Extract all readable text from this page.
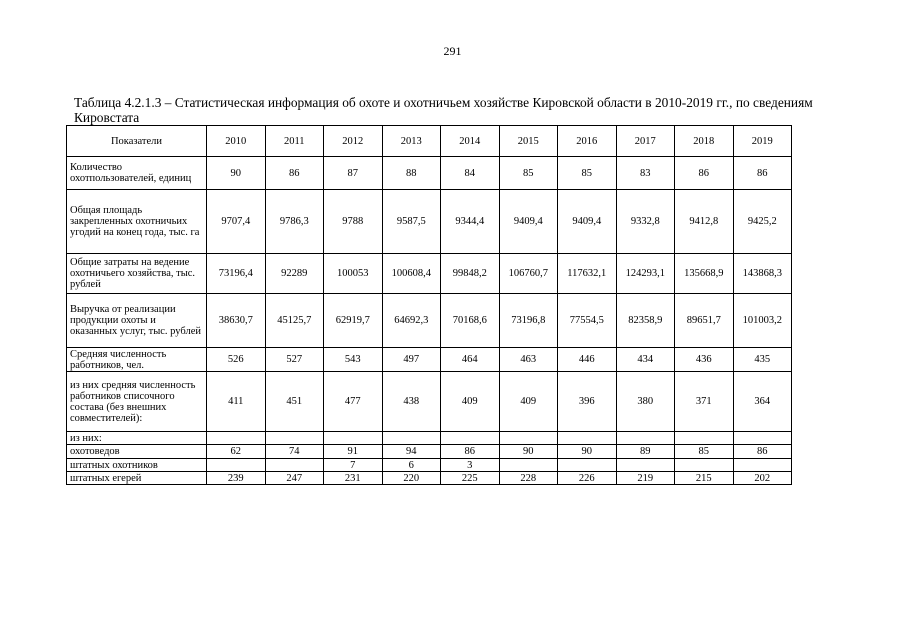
291
Таблица 4.2.1.3 – Статистическая информация об охоте и охотничьем хозяйстве Кировской области в 2010-2019 гг., по сведениям Кировстата
Показатели	2010	2011	2012	2013	2014	2015	2016	2017	2018	2019
Количество охотпользователей, единиц	90	86	87	88	84	85	85	83	86	86
Общая площадь закрепленных охотничьих угодий на конец года, тыс. га	9707,4	9786,3	9788	9587,5	9344,4	9409,4	9409,4	9332,8	9412,8	9425,2
Общие затраты на ведение охотничьего хозяйства, тыс. рублей	73196,4	92289	100053	100608,4	99848,2	106760,7	117632,1	124293,1	135668,9	143868,3
Выручка от реализации продукции охоты и оказанных услуг, тыс. рублей	38630,7	45125,7	62919,7	64692,3	70168,6	73196,8	77554,5	82358,9	89651,7	101003,2
Средняя численность работников, чел.	526	527	543	497	464	463	446	434	436	435
из них средняя численность работников списочного состава (без внешних совместителей):	411	451	477	438	409	409	396	380	371	364
из них:										
охотоведов	62	74	91	94	86	90	90	89	85	86
штатных охотников			7	6	3					
штатных егерей	239	247	231	220	225	228	226	219	215	202
